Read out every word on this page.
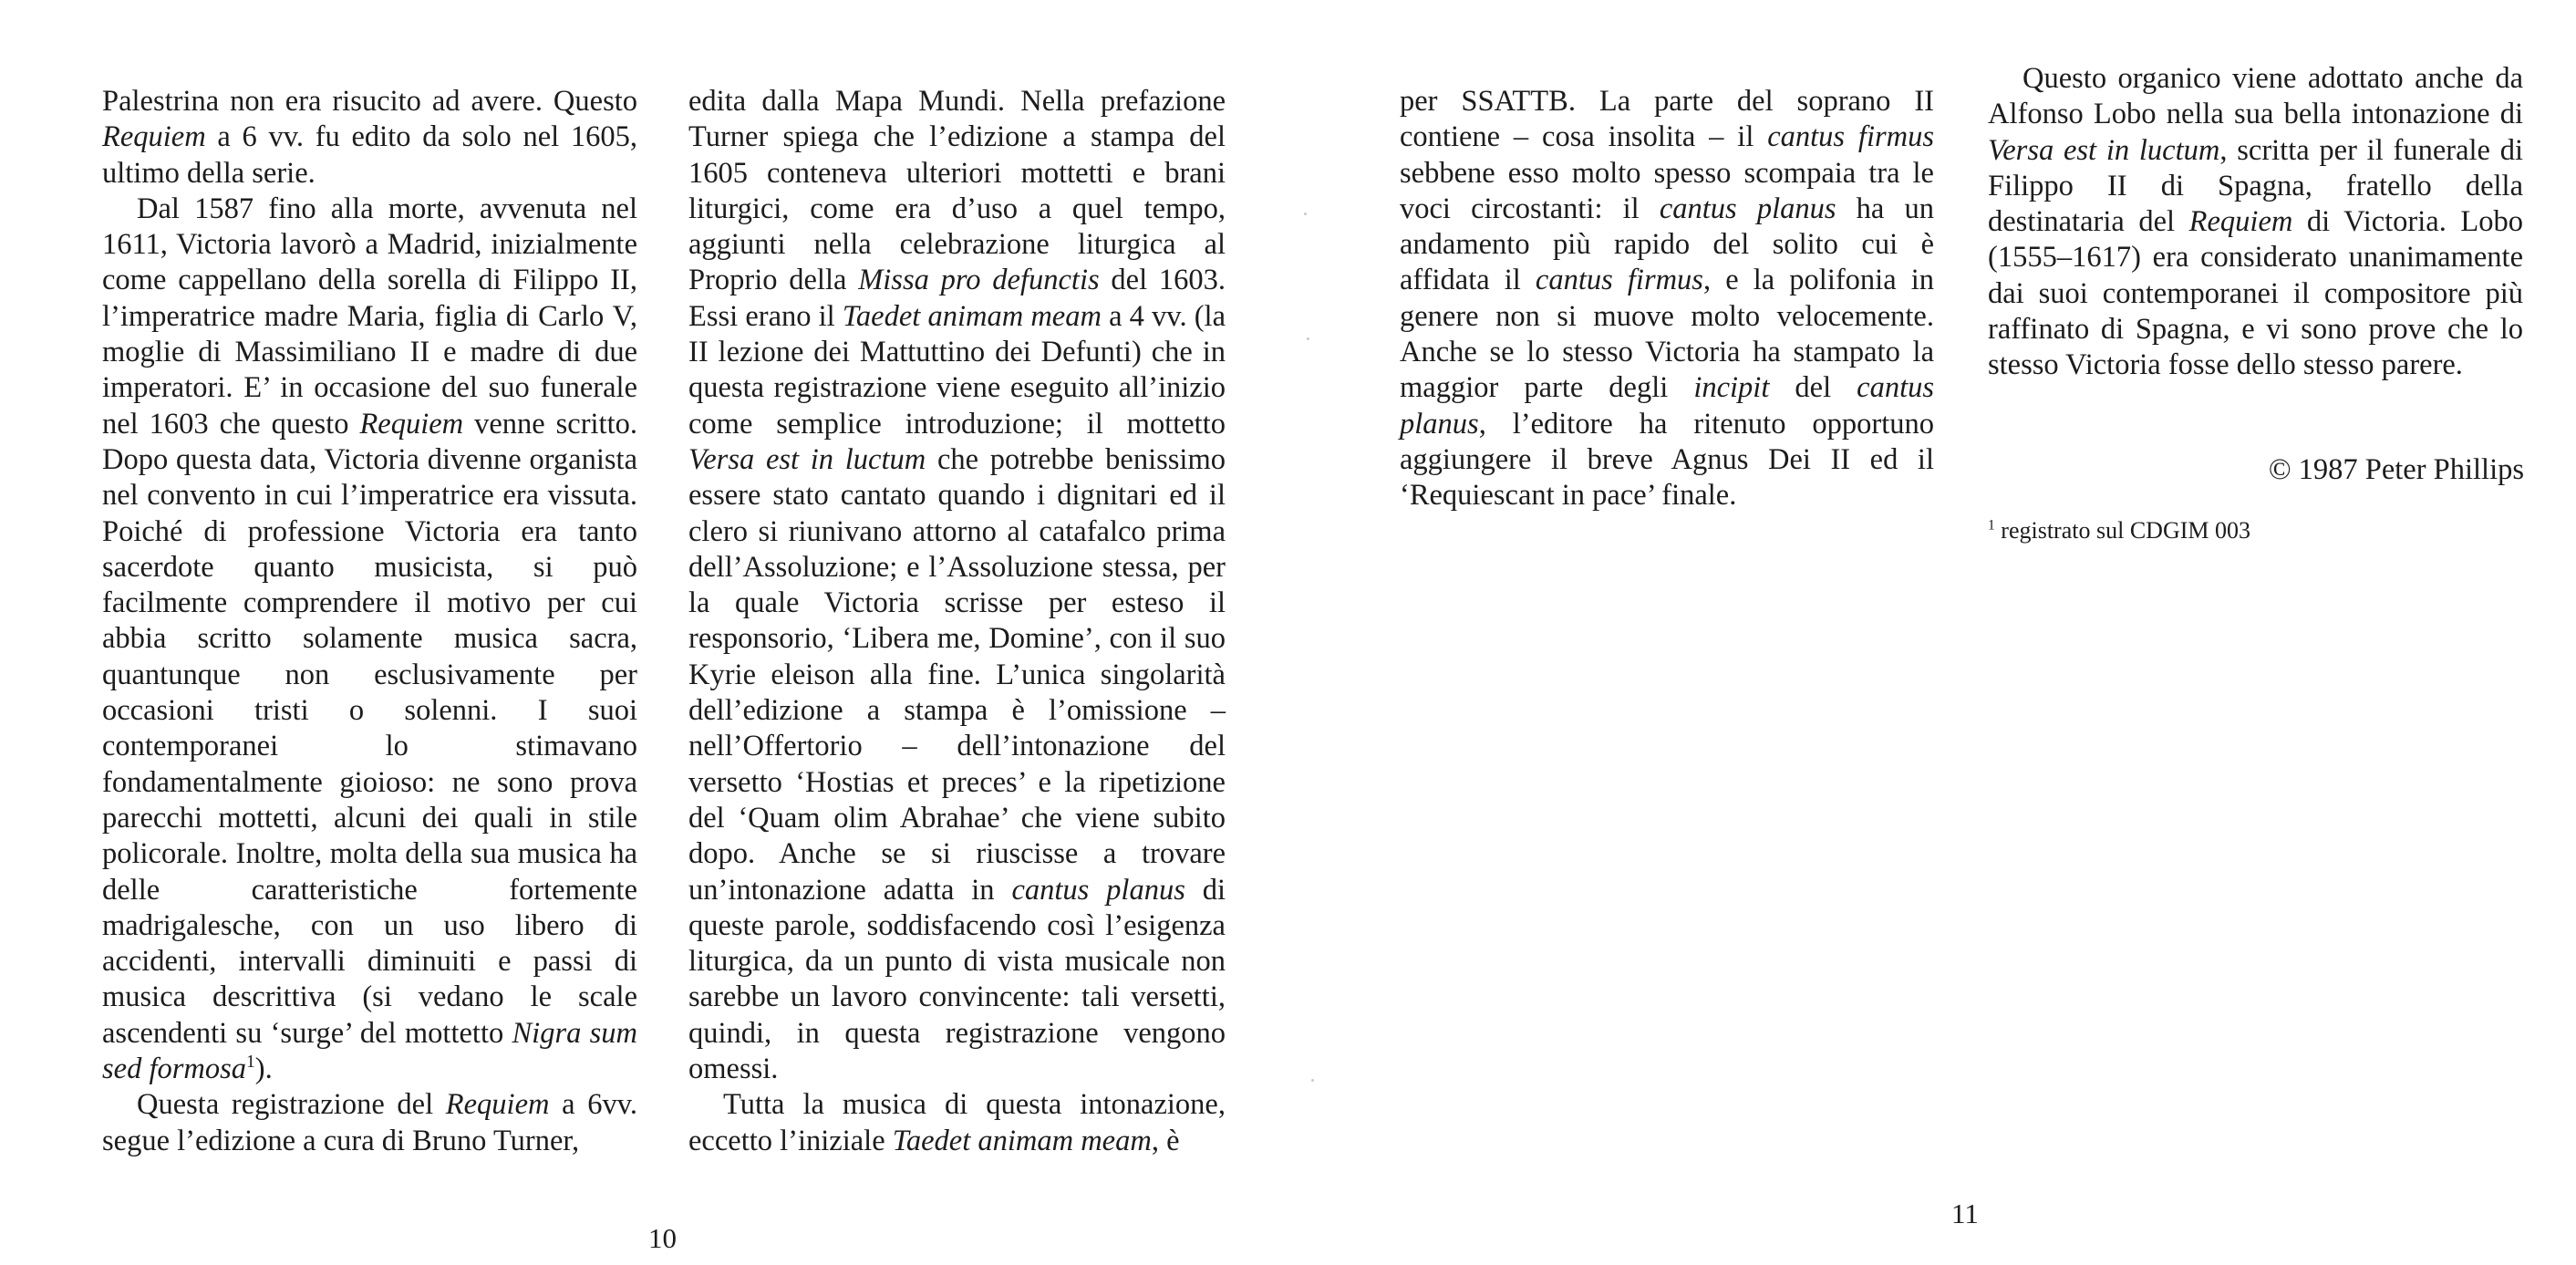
Palestrina non era risucito ad avere. Questo Requiem a 6 vv. fu edito da solo nel 1605, ultimo della serie.

Dal 1587 fino alla morte, avvenuta nel 1611, Victoria lavorò a Madrid, inizialmente come cappellano della sorella di Filippo II, l’imperatrice madre Maria, figlia di Carlo V, moglie di Massimiliano II e madre di due imperatori. E’ in occasione del suo funerale nel 1603 che questo Requiem venne scritto. Dopo questa data, Victoria divenne organista nel convento in cui l’imperatrice era vissuta. Poiché di professione Victoria era tanto sacerdote quanto musicista, si può facilmente comprendere il motivo per cui abbia scritto solamente musica sacra, quantunque non esclusivamente per occasioni tristi o solenni. I suoi contemporanei lo stimavano fondamentalmente gioioso: ne sono prova parecchi mottetti, alcuni dei quali in stile policorale. Inoltre, molta della sua musica ha delle caratteristiche fortemente madrigalesche, con un uso libero di accidenti, intervalli diminuiti e passi di musica descrittiva (si vedano le scale ascendenti su ‘surge’ del mottetto Nigra sum sed formosa$^1$).

Questa registrazione del Requiem a 6vv. segue l’edizione a cura di Bruno Turner,

edita dalla Mapa Mundi. Nella prefazione Turner spiega che l’edizione a stampa del 1605 conteneva ulteriori mottetti e brani liturgici, come era d’uso a quel tempo, aggiunti nella celebrazione liturgica al Proprio della Missa pro defunctis del 1603. Essi erano il Taedet animam meam a 4 vv. (la II lezione dei Mattuttino dei Defunti) che in questa registrazione viene eseguito all’inizio come semplice introduzione; il mottetto Versa est in luctum che potrebbe benissimo essere stato cantato quando i dignitari ed il clero si riunivano attorno al catafalco prima dell’Assoluzione; e l’Assoluzione stessa, per la quale Victoria scrisse per esteso il responsorio, ‘Libera me, Domine’, con il suo Kyrie eleison alla fine. L’unica singolarità dell’edizione a stampa è l’omissione – nell’Offertorio – dell’intonazione del versetto ‘Hostias et preces’ e la ripetizione del ‘Quam olim Abrahae’ che viene subito dopo. Anche se si riuscisse a trovare un’intonazione adatta in cantus planus di queste parole, soddisfacendo così l’esigenza liturgica, da un punto di vista musicale non sarebbe un lavoro convincente: tali versetti, quindi, in questa registrazione vengono omessi.

Tutta la musica di questa intonazione, eccetto l’iniziale Taedet animam meam, è

10

per SSATTB. La parte del soprano II contiene – cosa insolita – il cantus firmus sebbene esso molto spesso scompaia tra le voci circostanti: il cantus planus ha un andamento più rapido del solito cui è affidata il cantus firmus, e la polifonia in genere non si muove molto velocemente. Anche se lo stesso Victoria ha stampato la maggior parte degli incipit del cantus planus, l’editore ha ritenuto opportuno aggiungere il breve Agnus Dei II ed il ‘Requiescant in pace’ finale.

Questo organico viene adottato anche da Alfonso Lobo nella sua bella intonazione di Versa est in luctum, scritta per il funerale di Filippo II di Spagna, fratello della destinataria del Requiem di Victoria. Lobo (1555–1617) era considerato unanimamente dai suoi contemporanei il compositore più raffinato di Spagna, e vi sono prove che lo stesso Victoria fosse dello stesso parere.

© 1987 Peter Phillips
$^1$ registrato sul CDGIM 003
11
